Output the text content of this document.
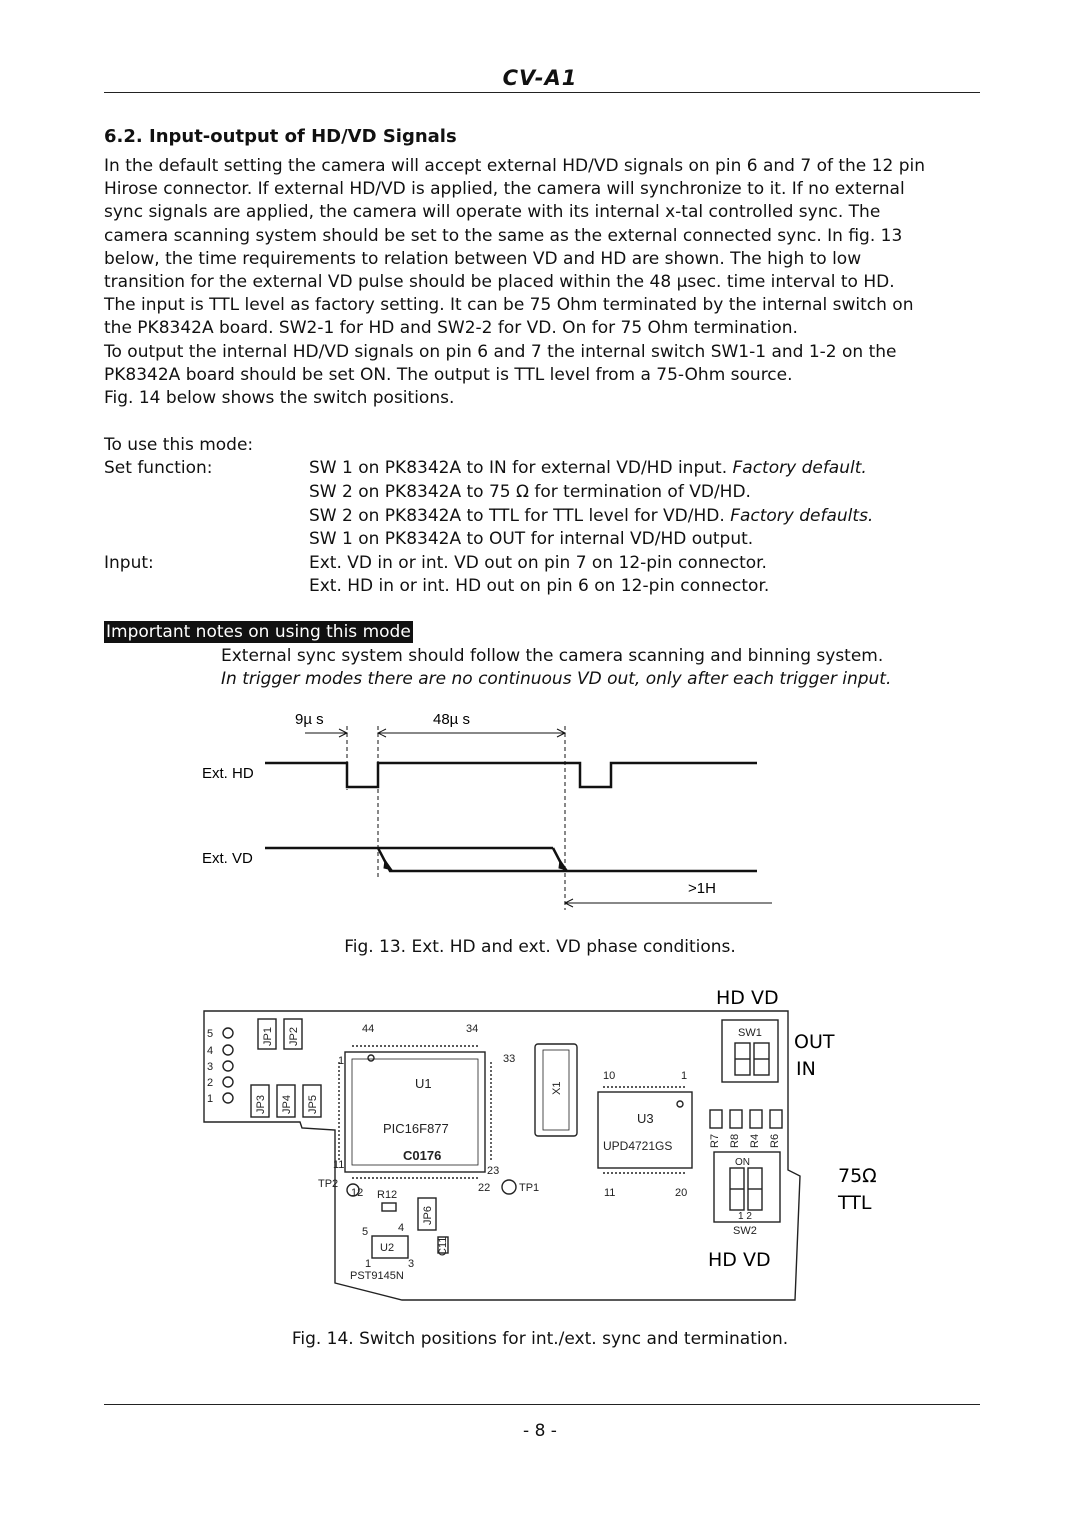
CV-A1
6.2. Input-output of HD/VD Signals
In the default setting the camera will accept external HD/VD signals on pin 6 and 7 of the 12 pin
Hirose connector. If external HD/VD is applied, the camera will synchronize to it. If no external
sync signals are applied, the camera will operate with its internal x-tal controlled sync. The
camera scanning system should be set to the same as the external connected sync. In fig. 13
below, the time requirements to relation between VD and HD are shown. The high to low
transition for the external VD pulse should be placed within the 48 µsec. time interval to HD.
The input is TTL level as factory setting. It can be 75 Ohm terminated by the internal switch on
the PK8342A board. SW2-1 for HD and SW2-2 for VD. On for 75 Ohm termination.
To output the internal HD/VD signals on pin 6 and 7 the internal switch SW1-1 and 1-2 on the
PK8342A board should be set ON. The output is TTL level from a 75-Ohm source.
Fig. 14 below shows the switch positions.
To use this mode:
Set function:	SW 1 on PK8342A to IN for external VD/HD input. Factory default.
SW 2 on PK8342A to 75 Ω for termination of VD/HD.
SW 2 on PK8342A to TTL for TTL level for VD/HD. Factory defaults.
SW 1 on PK8342A to OUT for internal VD/HD output.
Input:	Ext. VD in or int. VD out on pin 7 on 12-pin connector.
Ext. HD in or int. HD out on pin 6 on 12-pin connector.
Important notes on using this mode
External sync system should follow the camera scanning and binning system.
In trigger modes there are no continuous VD out, only after each trigger input.
9µ s	48µ s
Ext. HD
Ext. VD
>1H
Fig. 13. Ext. HD and ext. VD phase conditions.
5
4
3
2
1
JP1 JP2
JP3 JP4 JP5
44	34
1	33
11	23
12	22
U1
PIC16F877
C0176
X1
10	1
11	20
U3
UPD4721GS	R7 R8 R4 R6
SW1
SW2
ON
1 2
TP2	TP1
R12
U2
5	4
1	3
JP6
C11
PST9145N
HD VD
OUT
IN
75Ω
TTL
HD VD
Fig. 14. Switch positions for int./ext. sync and termination.
- 8 -
